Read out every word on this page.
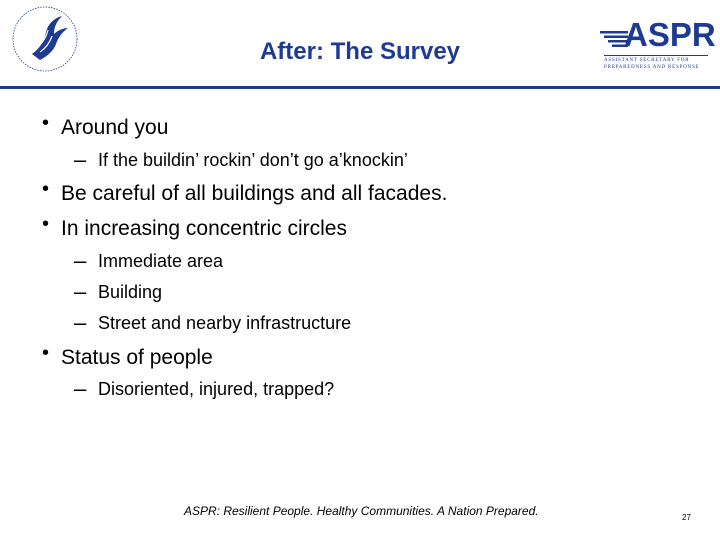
After: The Survey	ASPR
ASSISTANT SECRETARY FOR
PREPAREDNESS AND RESPONSE
• Around you
– If the buildin’ rockin’ don’t go a’knockin’
• Be careful of all buildings and all facades.
• In increasing concentric circles
– Immediate area
– Building
– Street and nearby infrastructure
• Status of people
– Disoriented, injured, trapped?
ASPR: Resilient People. Healthy Communities. A Nation Prepared.	27
